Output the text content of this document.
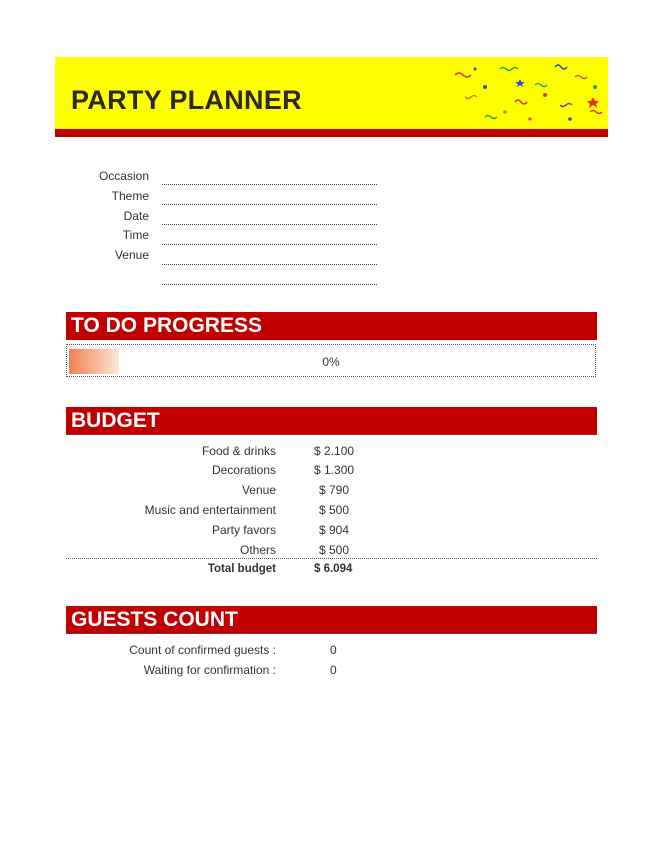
PARTY PLANNER
Occasion
Theme
Date
Time
Venue
TO DO PROGRESS
0%
BUDGET
Food & drinks	$ 2.100
Decorations	$ 1.300
Venue	$ 790
Music and entertainment	$ 500
Party favors	$ 904
Others	$ 500
Total budget	$ 6.094
GUESTS COUNT
Count of confirmed guests :	0
Waiting for confirmation :	0
